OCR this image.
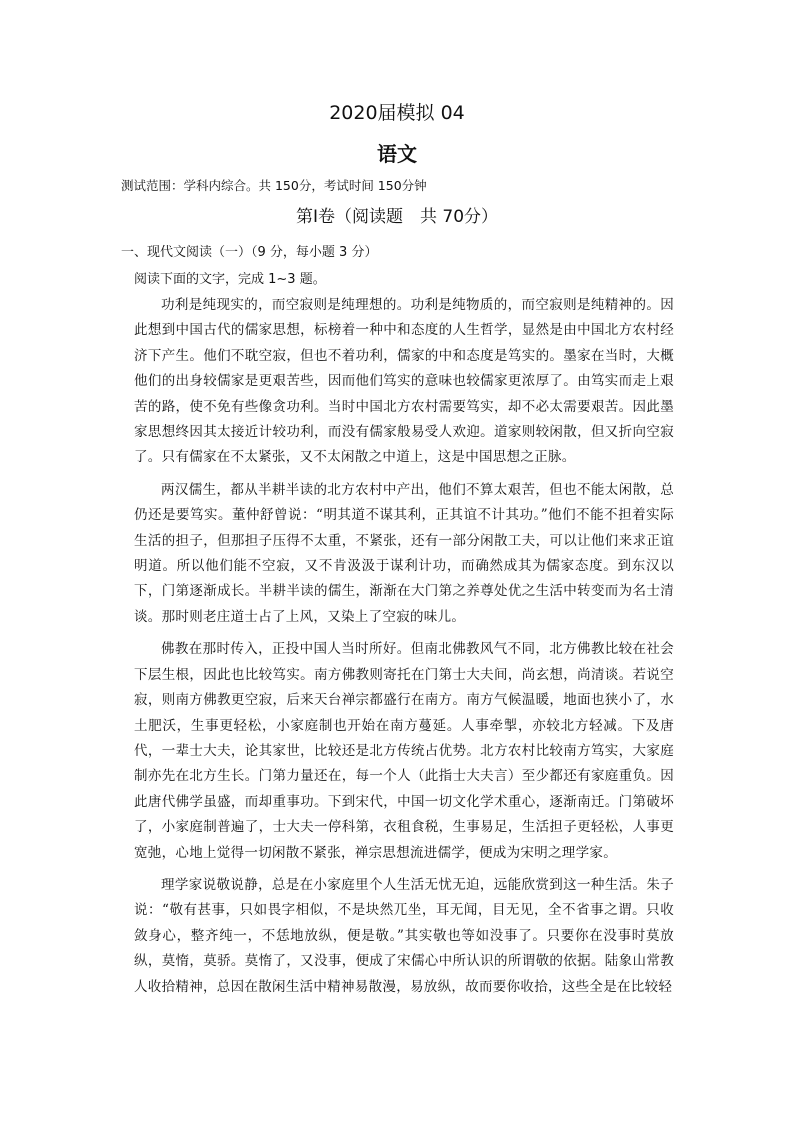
2020届模拟 04
语文
测试范围：学科内综合。共 150分，考试时间 150分钟
第Ⅰ卷（阅读题　共 70分）
一、现代文阅读（一）（9 分，每小题 3 分）
阅读下面的文字，完成 1~3 题。

功利是纯现实的，而空寂则是纯理想的。功利是纯物质的，而空寂则是纯精神的。因此想到中国古代的儒家思想，标榜着一种中和态度的人生哲学，显然是由中国北方农村经济下产生。他们不耽空寂，但也不着功利，儒家的中和态度是笃实的。墨家在当时，大概他们的出身较儒家是更艰苦些，因而他们笃实的意味也较儒家更浓厚了。由笃实而走上艰苦的路，使不免有些像贪功利。当时中国北方农村需要笃实，却不必太需要艰苦。因此墨家思想终因其太接近计较功利，而没有儒家般易受人欢迎。道家则较闲散，但又折向空寂了。只有儒家在不太紧张，又不太闲散之中道上，这是中国思想之正脉。

两汉儒生，都从半耕半读的北方农村中产出，他们不算太艰苦，但也不能太闲散，总仍还是要笃实。董仲舒曾说：“明其道不谋其利，正其谊不计其功。”他们不能不担着实际生活的担子，但那担子压得不太重，不紧张，还有一部分闲散工夫，可以让他们来求正谊明道。所以他们能不空寂，又不肯汲汲于谋利计功，而确然成其为儒家态度。到东汉以下，门第逐渐成长。半耕半读的儒生，渐渐在大门第之养尊处优之生活中转变而为名士清谈。那时则老庄道士占了上风，又染上了空寂的味儿。

佛教在那时传入，正投中国人当时所好。但南北佛教风气不同，北方佛教比较在社会下层生根，因此也比较笃实。南方佛教则寄托在门第士大夫间，尚玄想，尚清谈。若说空寂，则南方佛教更空寂，后来天台禅宗都盛行在南方。南方气候温暖，地面也狭小了，水土肥沃，生事更轻松，小家庭制也开始在南方蔓延。人事牵掣，亦较北方轻减。下及唐代，一辈士大夫，论其家世，比较还是北方传统占优势。北方农村比较南方笃实，大家庭制亦先在北方生长。门第力量还在，每一个人（此指士大夫言）至少都还有家庭重负。因此唐代佛学虽盛，而却重事功。下到宋代，中国一切文化学术重心，逐渐南迁。门第破坏了，小家庭制普遍了，士大夫一停科第，衣租食税，生事易足，生活担子更轻松，人事更宽弛，心地上觉得一切闲散不紧张，禅宗思想流进儒学，便成为宋明之理学家。

理学家说敬说静，总是在小家庭里个人生活无忧无迫，远能欣赏到这一种生活。朱子说：“敬有甚事，只如畏字相似，不是块然兀坐，耳无闻，目无见，全不省事之谓。只收敛身心，整齐纯一，不恁地放纵，便是敬。”其实敬也等如没事了。只要你在没事时莫放纵，莫惰，莫骄。莫惰了，又没事，便成了宋儒心中所认识的所谓敬的依据。陆象山常教人收拾精神，总因在散闲生活中精神易散漫，易放纵，故而要你收拾，这些全是在比较轻
